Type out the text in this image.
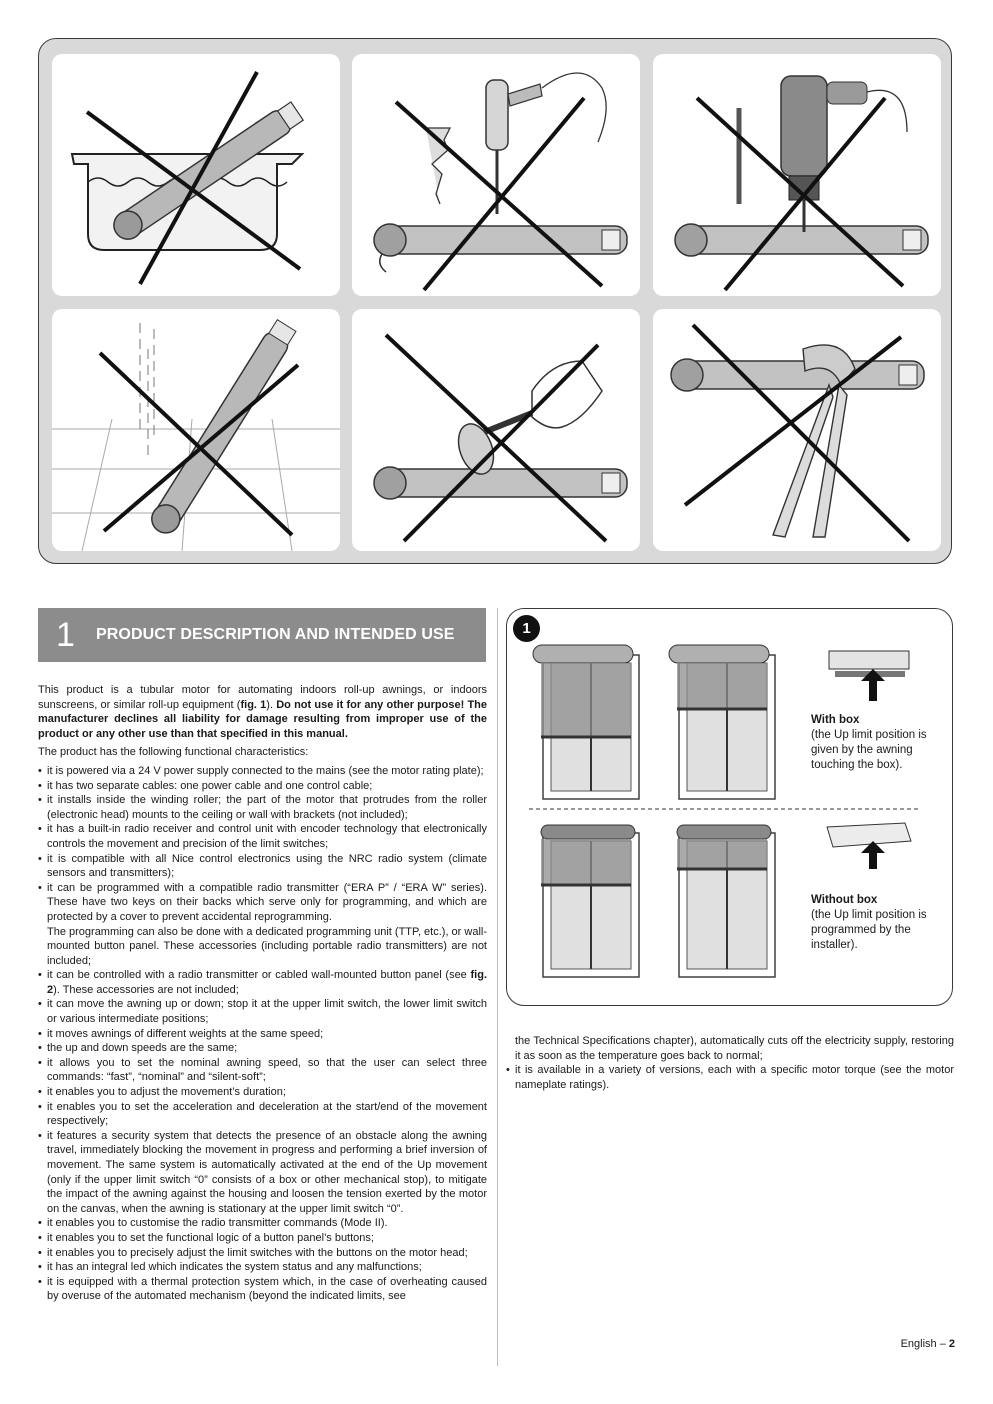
1 PRODUCT DESCRIPTION AND INTENDED USE

This product is a tubular motor for automating indoors roll-up awnings, or indoors sunscreens, or similar roll-up equipment (fig. 1). Do not use it for any other purpose! The manufacturer declines all liability for damage resulting from improper use of the product or any other use than that specified in this manual.

The product has the following functional characteristics:

• it is powered via a 24 V power supply connected to the mains (see the motor rating plate);
• it has two separate cables: one power cable and one control cable;
• it installs inside the winding roller; the part of the motor that protrudes from the roller (electronic head) mounts to the ceiling or wall with brackets (not included);
• it has a built-in radio receiver and control unit with encoder technology that electronically controls the movement and precision of the limit switches;
• it is compatible with all Nice control electronics using the NRC radio system (climate sensors and transmitters);
• it can be programmed with a compatible radio transmitter (“ERA P” / “ERA W” series). These have two keys on their backs which serve only for programming, and which are protected by a cover to prevent accidental reprogramming.
The programming can also be done with a dedicated programming unit (TTP, etc.), or wall-mounted button panel. These accessories (including portable radio transmitters) are not included;
• it can be controlled with a radio transmitter or cabled wall-mounted button panel (see fig. 2). These accessories are not included;
• it can move the awning up or down; stop it at the upper limit switch, the lower limit switch or various intermediate positions;
• it moves awnings of different weights at the same speed;
• the up and down speeds are the same;
• it allows you to set the nominal awning speed, so that the user can select three commands: “fast”, “nominal” and “silent-soft”;
• it enables you to adjust the movement’s duration;
• it enables you to set the acceleration and deceleration at the start/end of the movement respectively;
• it features a security system that detects the presence of an obstacle along the awning travel, immediately blocking the movement in progress and performing a brief inversion of movement. The same system is automatically activated at the end of the Up movement (only if the upper limit switch “0” consists of a box or other mechanical stop), to mitigate the impact of the awning against the housing and loosen the tension exerted by the motor on the canvas, when the awning is stationary at the upper limit switch “0”.
• it enables you to customise the radio transmitter commands (Mode II).
• it enables you to set the functional logic of a button panel’s buttons;
• it enables you to precisely adjust the limit switches with the buttons on the motor head;
• it has an integral led which indicates the system status and any malfunctions;
• it is equipped with a thermal protection system which, in the case of overheating caused by overuse of the automated mechanism (beyond the indicated limits, see
1
With box
(the Up limit position is given by the awning touching the box).
Without box
(the Up limit position is programmed by the installer).

the Technical Specifications chapter), automatically cuts off the electricity supply, restoring it as soon as the temperature goes back to normal;

• it is available in a variety of versions, each with a specific motor torque (see the motor nameplate ratings).
English – 2
